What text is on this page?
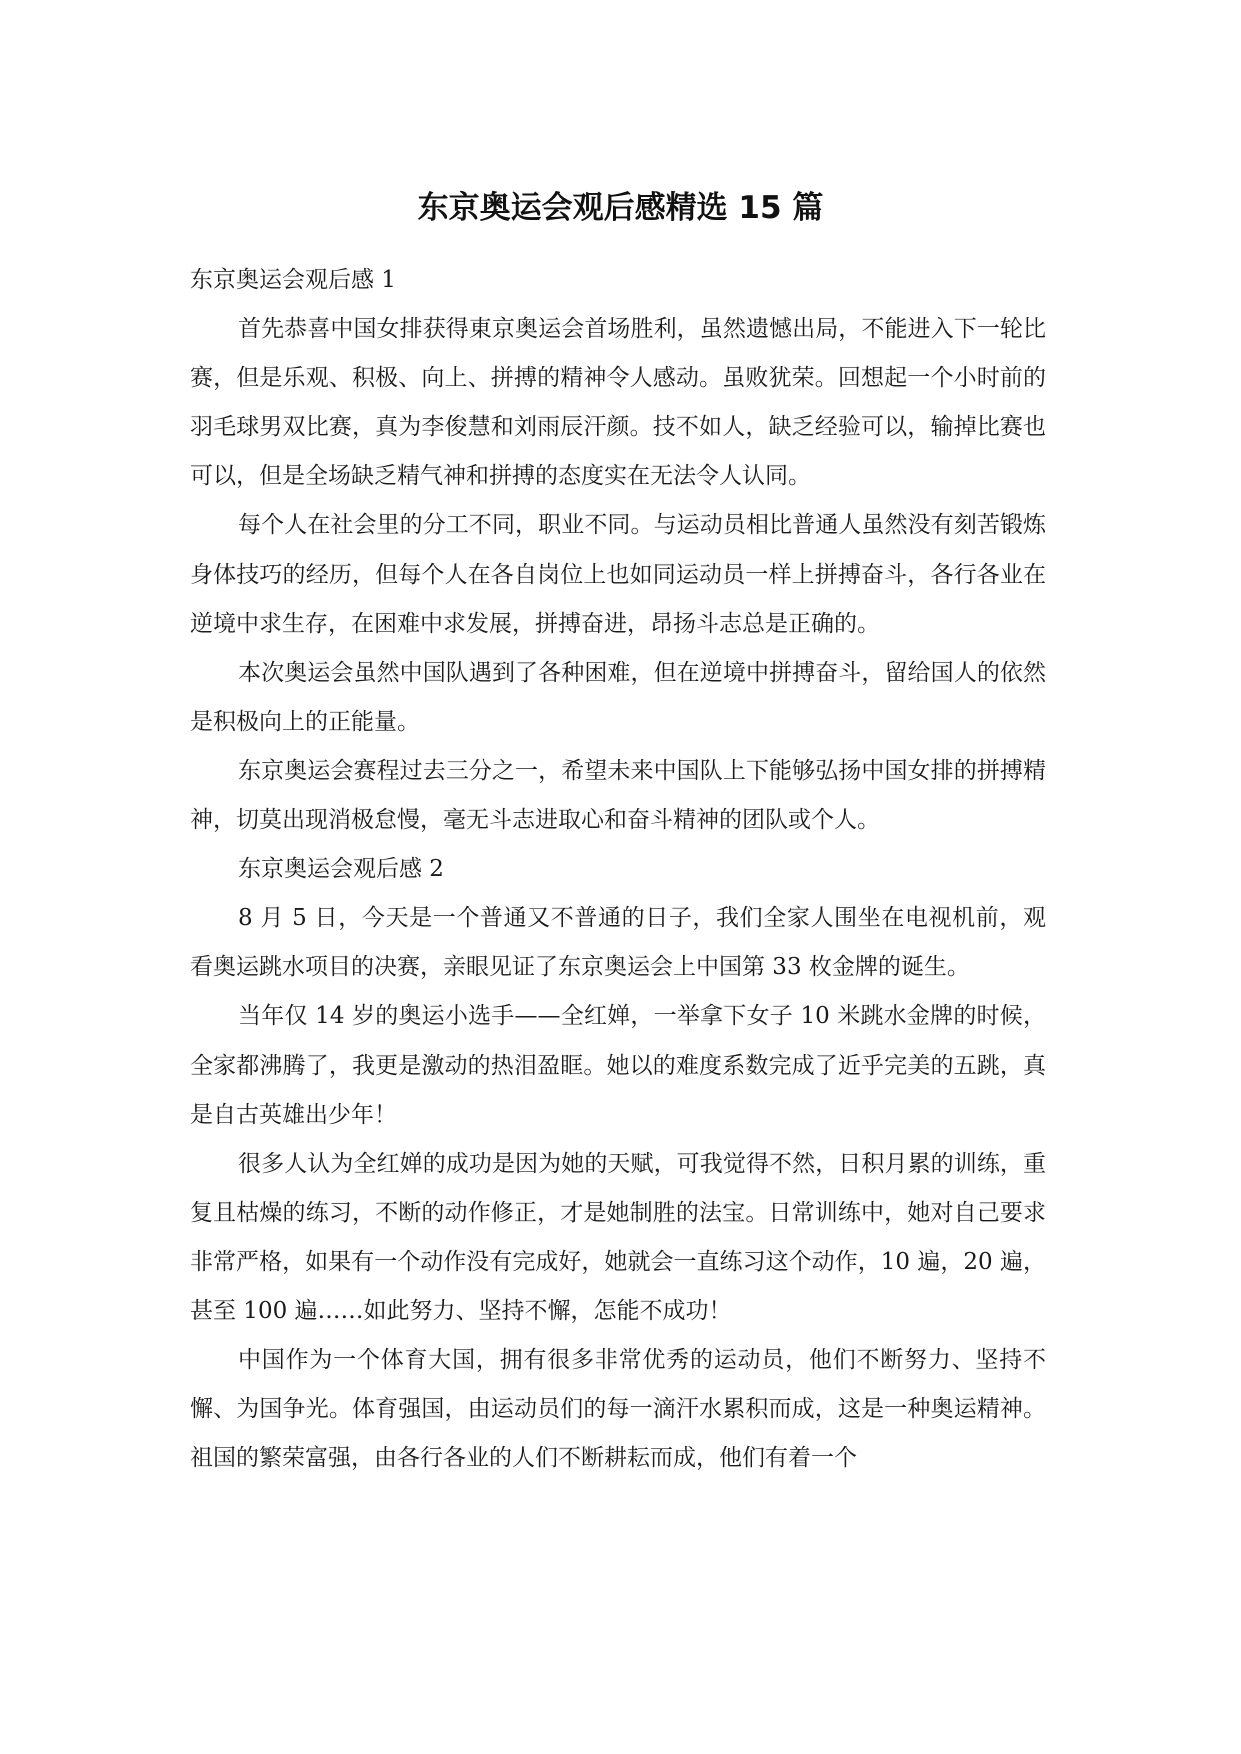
东京奥运会观后感精选 15 篇

东京奥运会观后感 1

首先恭喜中国女排获得東京奥运会首场胜利，虽然遗憾出局，不能进入下一轮比赛，但是乐观、积极、向上、拼搏的精神令人感动。虽败犹荣。回想起一个小时前的羽毛球男双比赛，真为李俊慧和刘雨辰汗颜。技不如人，缺乏经验可以，输掉比赛也可以，但是全场缺乏精气神和拼搏的态度实在无法令人认同。

每个人在社会里的分工不同，职业不同。与运动员相比普通人虽然没有刻苦锻炼身体技巧的经历，但每个人在各自岗位上也如同运动员一样上拼搏奋斗，各行各业在逆境中求生存，在困难中求发展，拼搏奋进，昂扬斗志总是正确的。

本次奥运会虽然中国队遇到了各种困难，但在逆境中拼搏奋斗，留给国人的依然是积极向上的正能量。

东京奥运会赛程过去三分之一，希望未来中国队上下能够弘扬中国女排的拼搏精神，切莫出现消极怠慢，毫无斗志进取心和奋斗精神的团队或个人。

东京奥运会观后感 2

8 月 5 日，今天是一个普通又不普通的日子，我们全家人围坐在电视机前，观看奥运跳水项目的决赛，亲眼见证了东京奥运会上中国第 33 枚金牌的诞生。

当年仅 14 岁的奥运小选手——全红婵，一举拿下女子 10 米跳水金牌的时候，全家都沸腾了，我更是激动的热泪盈眶。她以的难度系数完成了近乎完美的五跳，真是自古英雄出少年！

很多人认为全红婵的成功是因为她的天赋，可我觉得不然，日积月累的训练，重复且枯燥的练习，不断的动作修正，才是她制胜的法宝。日常训练中，她对自己要求非常严格，如果有一个动作没有完成好，她就会一直练习这个动作，10 遍，20 遍，甚至 100 遍……如此努力、坚持不懈，怎能不成功！

中国作为一个体育大国，拥有很多非常优秀的运动员，他们不断努力、坚持不懈、为国争光。体育强国，由运动员们的每一滴汗水累积而成，这是一种奥运精神。祖国的繁荣富强，由各行各业的人们不断耕耘而成，他们有着一个
